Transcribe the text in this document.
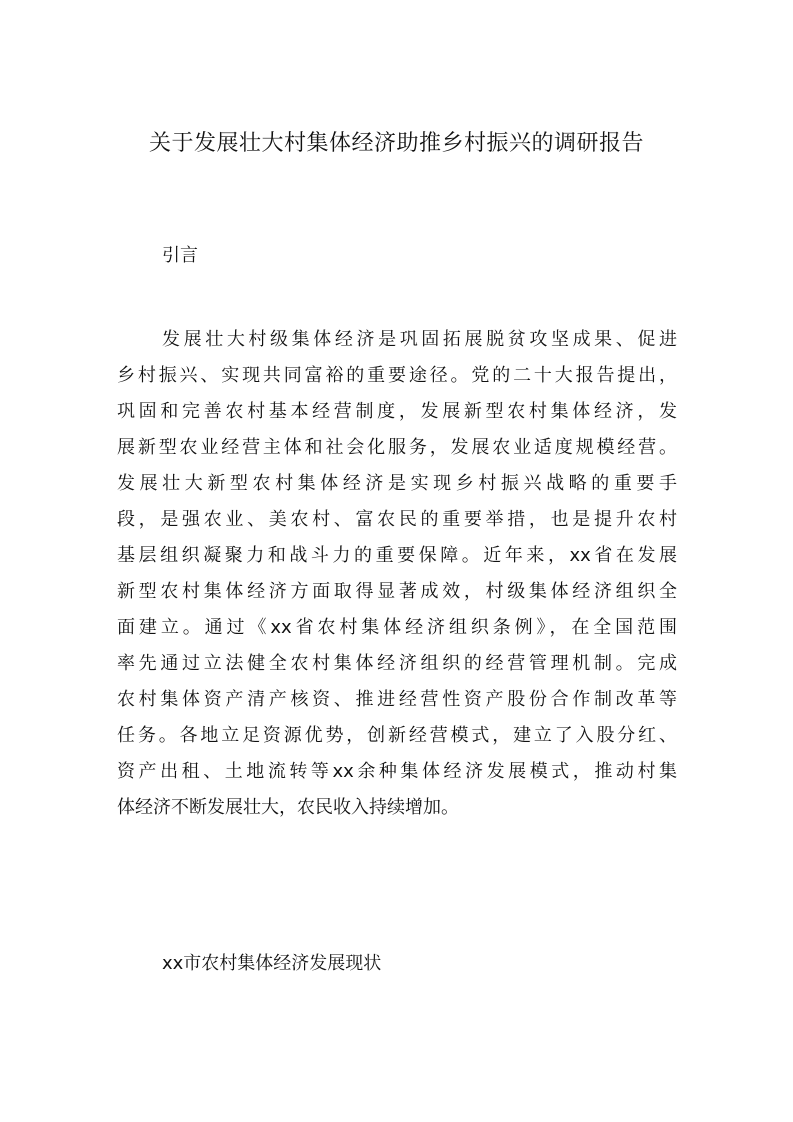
关于发展壮大村集体经济助推乡村振兴的调研报告
引言
发展壮大村级集体经济是巩固拓展脱贫攻坚成果、促进
乡村振兴、实现共同富裕的重要途径。党的二十大报告提出，
巩固和完善农村基本经营制度，发展新型农村集体经济，发
展新型农业经营主体和社会化服务，发展农业适度规模经营。
发展壮大新型农村集体经济是实现乡村振兴战略的重要手
段，是强农业、美农村、富农民的重要举措，也是提升农村
基层组织凝聚力和战斗力的重要保障。近年来，xx省在发展
新型农村集体经济方面取得显著成效，村级集体经济组织全
面建立。通过《xx省农村集体经济组织条例》，在全国范围
率先通过立法健全农村集体经济组织的经营管理机制。完成
农村集体资产清产核资、推进经营性资产股份合作制改革等
任务。各地立足资源优势，创新经营模式，建立了入股分红、
资产出租、土地流转等xx余种集体经济发展模式，推动村集
体经济不断发展壮大，农民收入持续增加。
xx市农村集体经济发展现状
